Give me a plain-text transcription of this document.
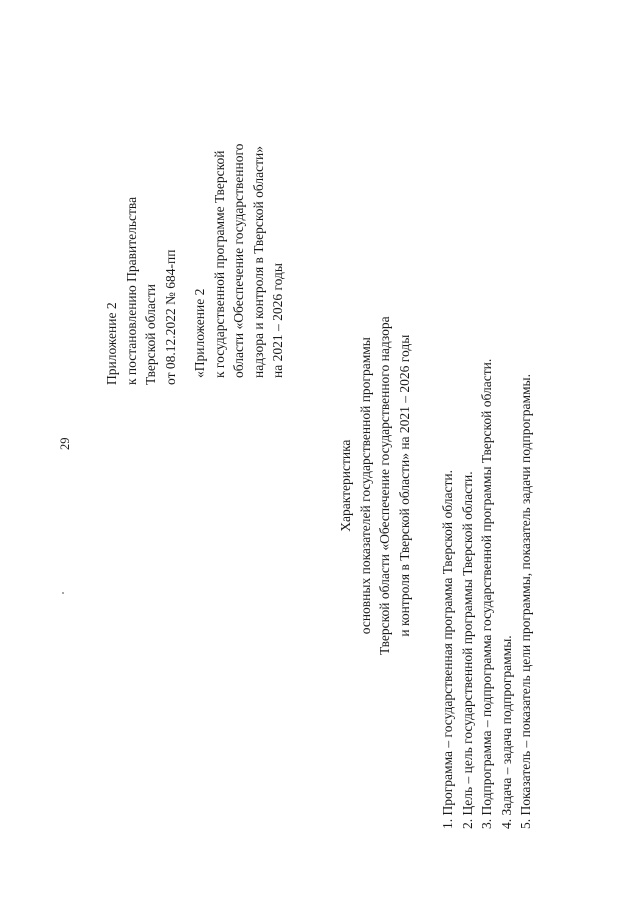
29
Приложение 2 к постановлению Правительства Тверской области от 08.12.2022 № 684-пп «Приложение 2 к государственной программе Тверской области «Обеспечение государственного надзора и контроля в Тверской области» на 2021 – 2026 годы
Характеристика основных показателей государственной программы Тверской области «Обеспечение государственного надзора и контроля в Тверской области» на 2021 – 2026 годы 1. Программа – государственная программа Тверской области. 2. Цель – цель государственной программы Тверской области. 3. Подпрограмма – подпрограмма государственной программы Тверской области. 4. Задача – задача подпрограммы. 5. Показатель – показатель цели программы, показатель задачи подпрограммы.
